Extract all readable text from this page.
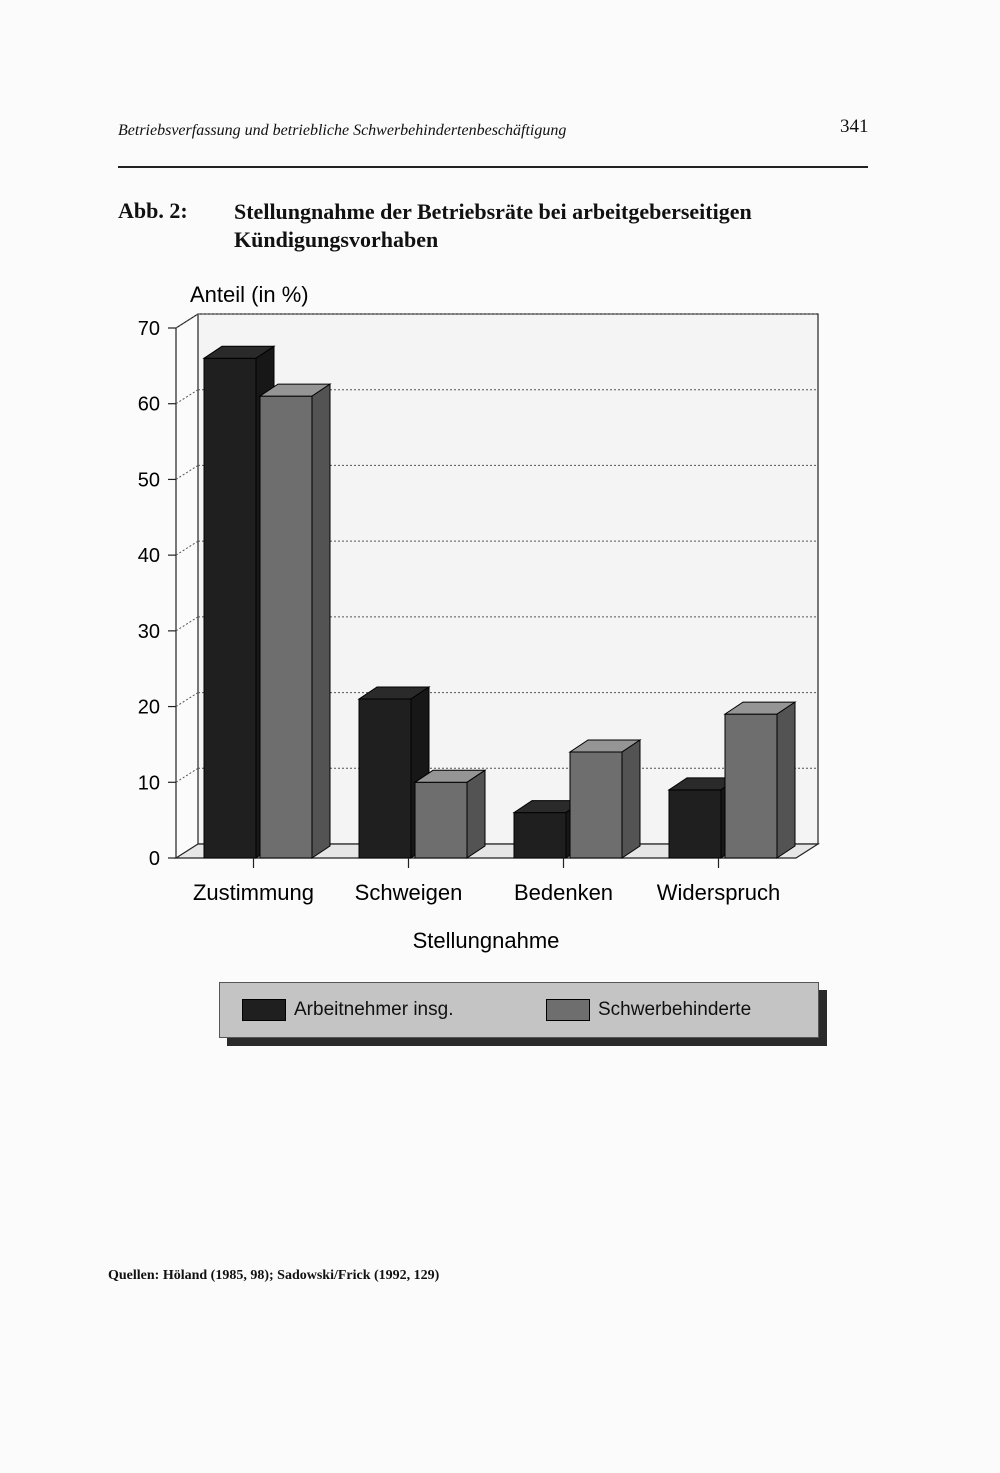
Betriebsverfassung und betriebliche Schwerbehindertenbeschäftigung	341
Abb. 2: Stellungnahme der Betriebsräte bei arbeitgeberseitigen Kündigungsvorhaben
0
10
20
30
40
50
60
70
Anteil (in %)
Zustimmung Schweigen Bedenken Widerspruch
Stellungnahme
Arbeitnehmer insg.	Schwerbehinderte
Quellen: Höland (1985, 98); Sadowski/Frick (1992, 129)
